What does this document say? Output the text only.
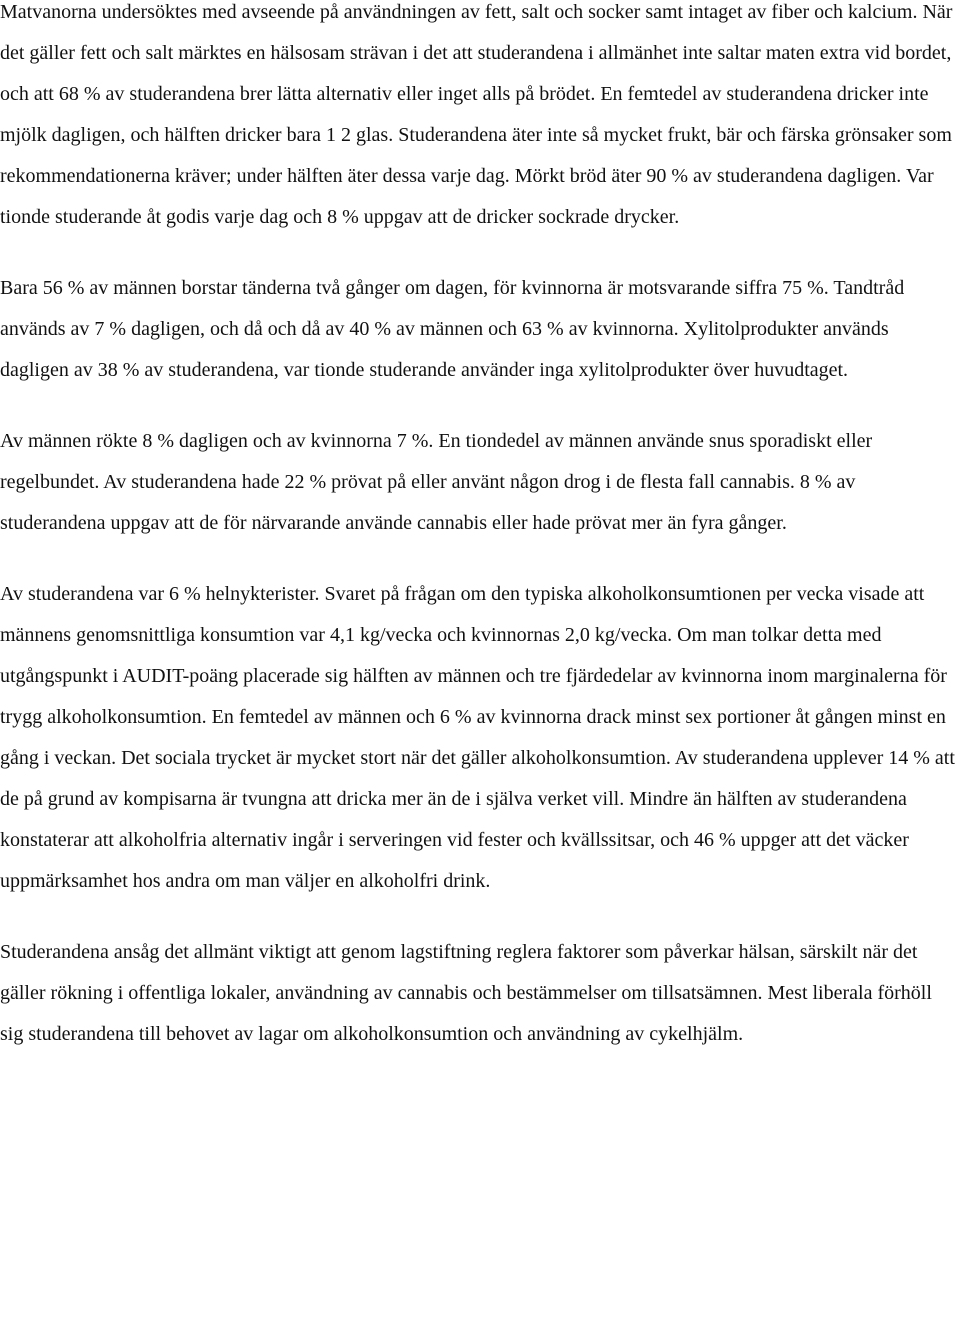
Matvanorna undersöktes med avseende på användningen av fett, salt och socker samt intaget av fiber och kalcium. När det gäller fett och salt märktes en hälsosam strävan i det att studerandena i allmänhet inte saltar maten extra vid bordet, och att 68 % av studerandena brer lätta alternativ eller inget alls på brödet. En femtedel av studerandena dricker inte mjölk dagligen, och hälften dricker bara 1 2 glas. Studerandena äter inte så mycket frukt, bär och färska grönsaker som rekommendationerna kräver; under hälften äter dessa varje dag. Mörkt bröd äter 90 % av studerandena dagligen. Var tionde studerande åt godis varje dag och 8 % uppgav att de dricker sockrade drycker.

Bara 56 % av männen borstar tänderna två gånger om dagen, för kvinnorna är motsvarande siffra 75 %. Tandtråd används av 7 % dagligen, och då och då av 40 % av männen och 63 % av kvinnorna. Xylitolprodukter används dagligen av 38 % av studerandena, var tionde studerande använder inga xylitolprodukter över huvudtaget.

Av männen rökte 8 % dagligen och av kvinnorna 7 %. En tiondedel av männen använde snus sporadiskt eller regelbundet. Av studerandena hade 22 % prövat på eller använt någon drog i de flesta fall cannabis. 8 % av studerandena uppgav att de för närvarande använde cannabis eller hade prövat mer än fyra gånger.

Av studerandena var 6 % helnykterister. Svaret på frågan om den typiska alkoholkonsumtionen per vecka visade att männens genomsnittliga konsumtion var 4,1 kg/vecka och kvinnornas 2,0 kg/vecka. Om man tolkar detta med utgångspunkt i AUDIT-poäng placerade sig hälften av männen och tre fjärdedelar av kvinnorna inom marginalerna för trygg alkoholkonsumtion. En femtedel av männen och 6 % av kvinnorna drack minst sex portioner åt gången minst en gång i veckan. Det sociala trycket är mycket stort när det gäller alkoholkonsumtion. Av studerandena upplever 14 % att de på grund av kompisarna är tvungna att dricka mer än de i själva verket vill. Mindre än hälften av studerandena konstaterar att alkoholfria alternativ ingår i serveringen vid fester och kvällssitsar, och 46 % uppger att det väcker uppmärksamhet hos andra om man väljer en alkoholfri drink.

Studerandena ansåg det allmänt viktigt att genom lagstiftning reglera faktorer som påverkar hälsan, särskilt när det gäller rökning i offentliga lokaler, användning av cannabis och bestämmelser om tillsatsämnen. Mest liberala förhöll sig studerandena till behovet av lagar om alkoholkonsumtion och användning av cykelhjälm.
